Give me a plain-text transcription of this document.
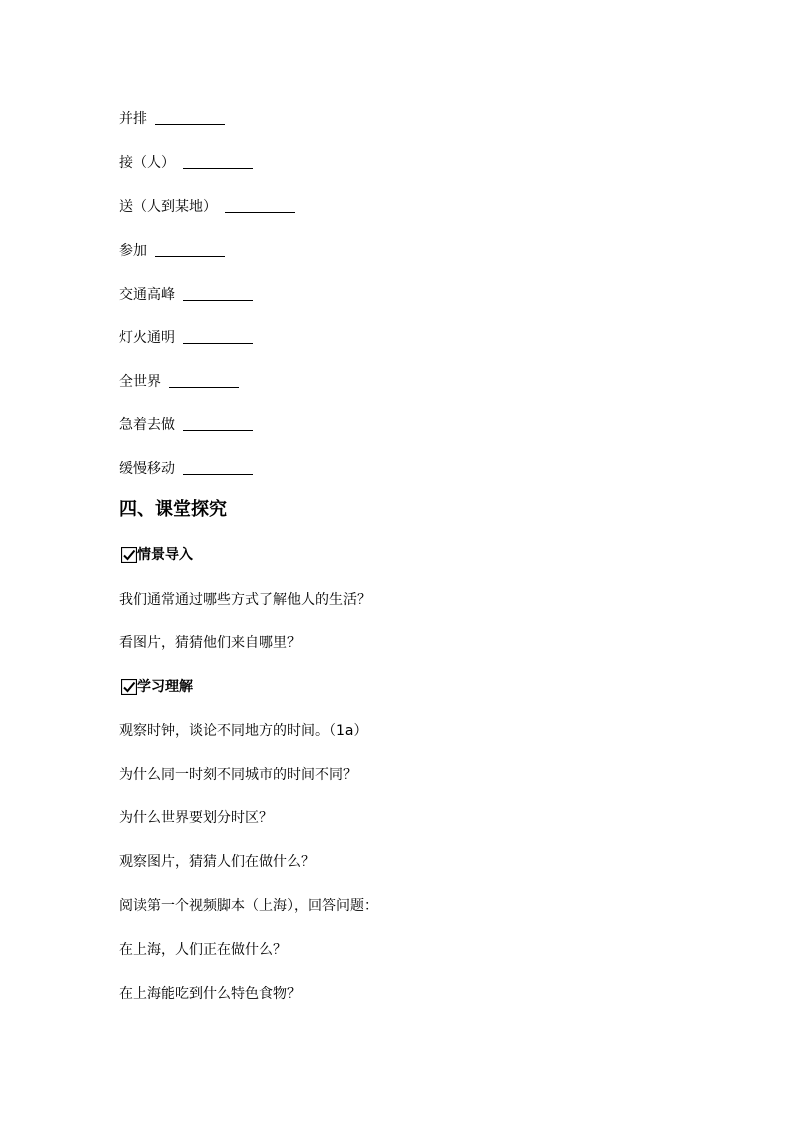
并排
接（人）
送（人到某地）
参加
交通高峰
灯火通明
全世界
急着去做
缓慢移动
四、课堂探究
情景导入
我们通常通过哪些方式了解他人的生活？
看图片，猜猜他们来自哪里？
学习理解
观察时钟，谈论不同地方的时间。（1a）
为什么同一时刻不同城市的时间不同？
为什么世界要划分时区？
观察图片，猜猜人们在做什么？
阅读第一个视频脚本（上海），回答问题：
在上海，人们正在做什么？
在上海能吃到什么特色食物？
